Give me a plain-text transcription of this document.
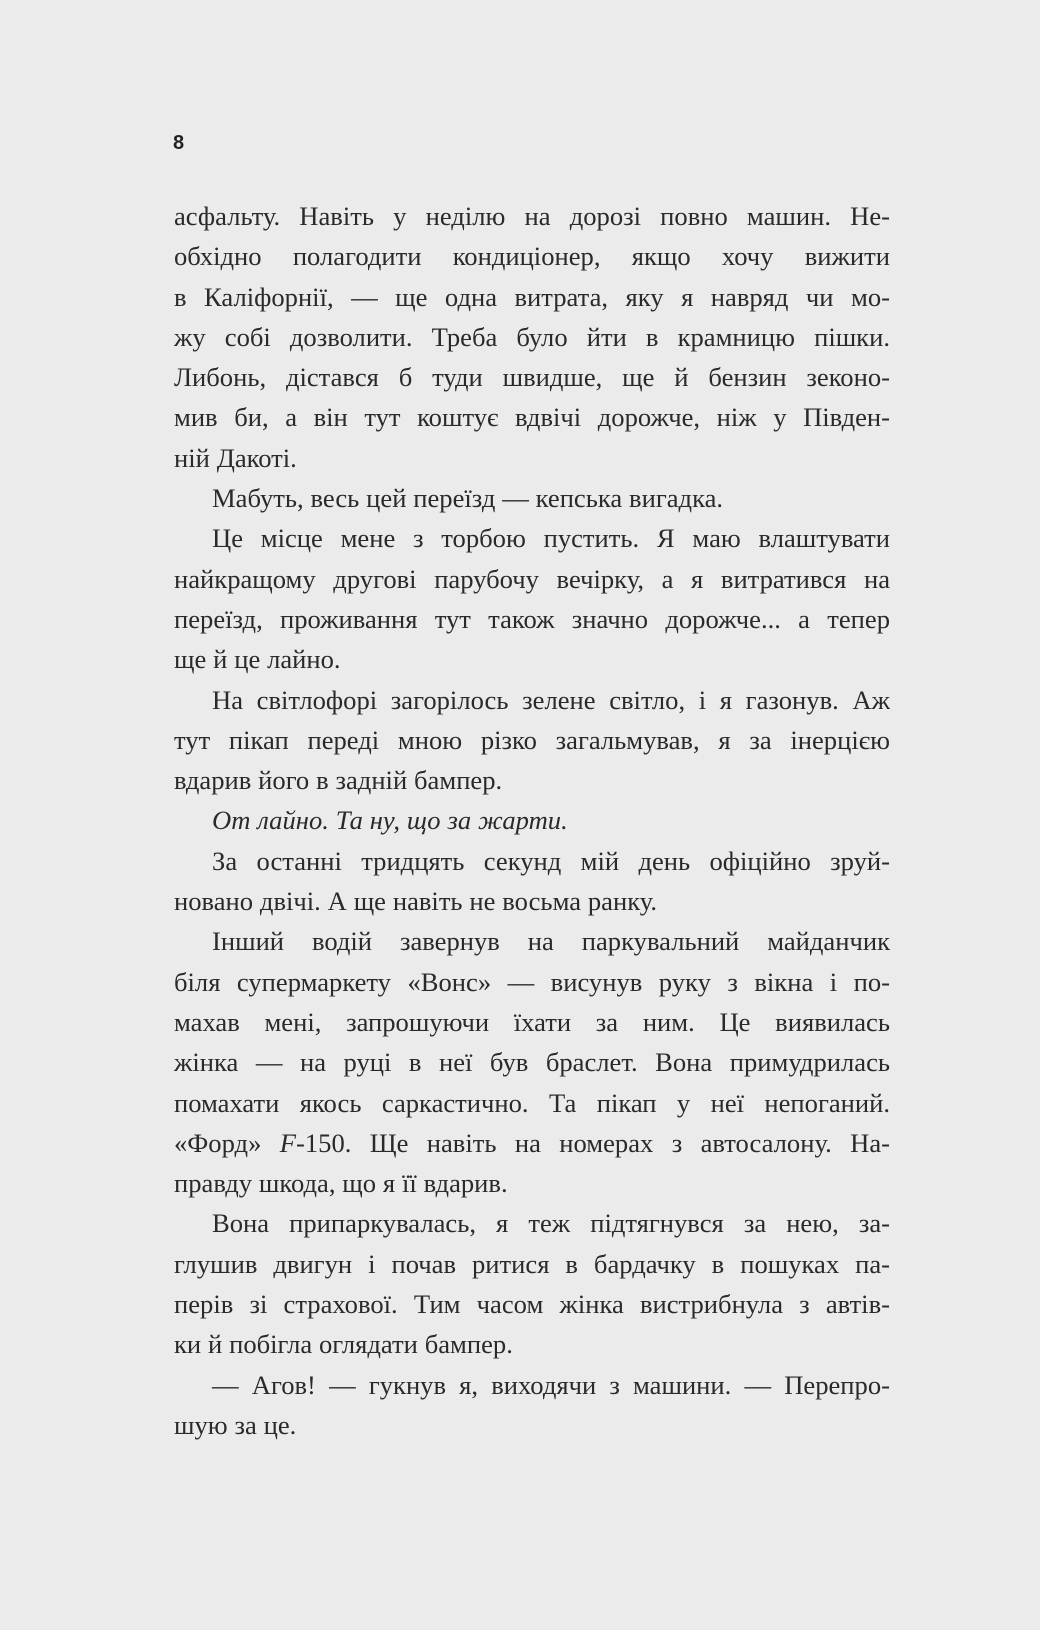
8

асфальту. Навіть у неділю на дорозі повно машин. Не-
обхідно полагодити кондиціонер, якщо хочу вижити
в Каліфорнії, — ще одна витрата, яку я навряд чи мо-
жу собі дозволити. Треба було йти в крамницю пішки.
Либонь, дістався б туди швидше, ще й бензин зеконо-
мив би, а він тут коштує вдвічі дорожче, ніж у Півден-
ній Дакоті.

Мабуть, весь цей переїзд — кепська вигадка.

Це місце мене з торбою пустить. Я маю влаштувати
найкращому другові парубочу вечірку, а я витратився на
переїзд, проживання тут також значно дорожче... а тепер
ще й це лайно.

На світлофорі загорілось зелене світло, і я газонув. Аж
тут пікап переді мною різко загальмував, я за інерцією
вдарив його в задній бампер.

От лайно. Та ну, що за жарти.

За останні тридцять секунд мій день офіційно зруй-
новано двічі. А ще навіть не восьма ранку.

Інший водій завернув на паркувальний майданчик
біля супермаркету «Вонс» — висунув руку з вікна і по-
махав мені, запрошуючи їхати за ним. Це виявилась
жінка — на руці в неї був браслет. Вона примудрилась
помахати якось саркастично. Та пікап у неї непоганий.
«Форд» F-150. Ще навіть на номерах з автосалону. На-
правду шкода, що я її вдарив.

Вона припаркувалась, я теж підтягнувся за нею, за-
глушив двигун і почав ритися в бардачку в пошуках па-
перів зі страхової. Тим часом жінка вистрибнула з автів-
ки й побігла оглядати бампер.

— Агов! — гукнув я, виходячи з машини. — Перепро-
шую за це.
